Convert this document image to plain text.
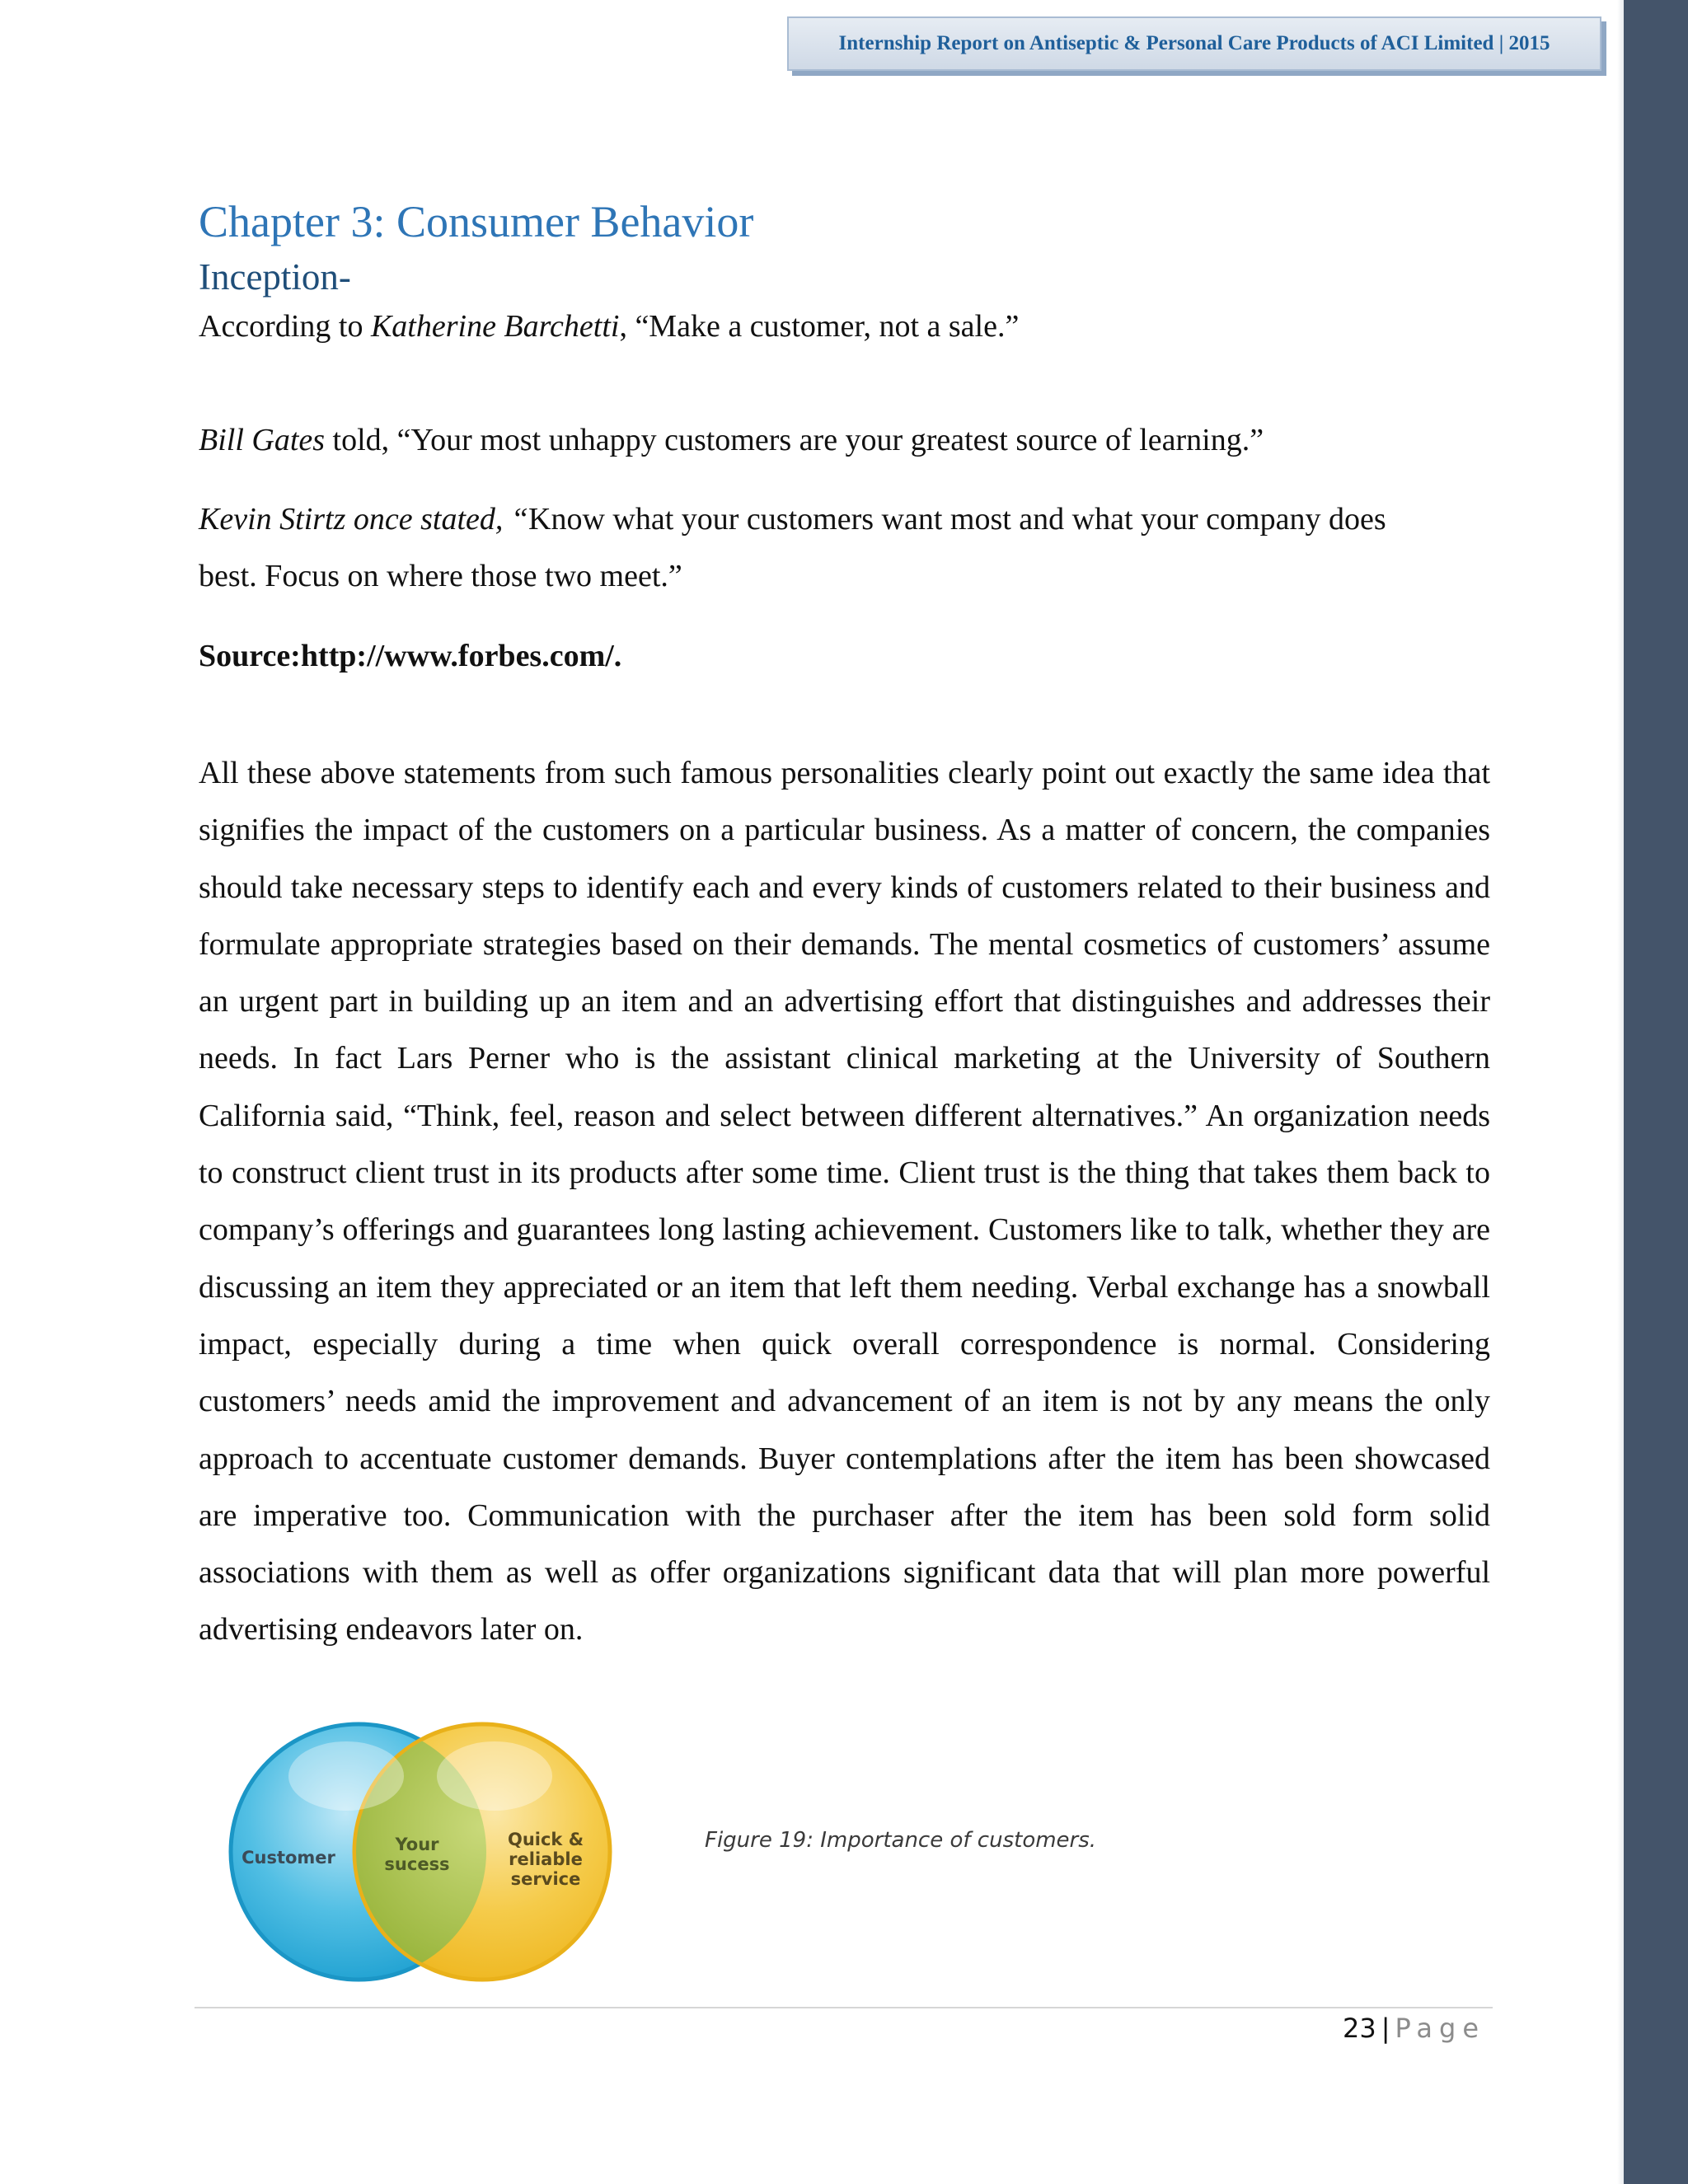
Internship Report on Antiseptic & Personal Care Products of ACI Limited | 2015
Chapter 3: Consumer Behavior
Inception-

According to Katherine Barchetti, “Make a customer, not a sale.”

Bill Gates told, “Your most unhappy customers are your greatest source of learning.”

Kevin Stirtz once stated, “Know what your customers want most and what your company does

best. Focus on where those two meet.”

Source:http://www.forbes.com/.

All these above statements from such famous personalities clearly point out exactly the same idea that signifies the impact of the customers on a particular business. As a matter of concern, the companies should take necessary steps to identify each and every kinds of customers related to their business and formulate appropriate strategies based on their demands. The mental cosmetics of customers’ assume an urgent part in building up an item and an advertising effort that distinguishes and addresses their needs. In fact Lars Perner who is the assistant clinical marketing at the University of Southern California said, “Think, feel, reason and select between different alternatives.” An organization needs to construct client trust in its products after some time. Client trust is the thing that takes them back to company’s offerings and guarantees long lasting achievement. Customers like to talk, whether they are discussing an item they appreciated or an item that left them needing. Verbal exchange has a snowball impact, especially during a time when quick overall correspondence is normal. Considering customers’ needs amid the improvement and advancement of an item is not by any means the only approach to accentuate customer demands. Buyer contemplations after the item has been showcased are imperative too. Communication with the purchaser after the item has been sold form solid associations with them as well as offer organizations significant data that will plan more powerful advertising endeavors later on.

Customer
Your
sucess
Quick &
reliable
service
Figure 19: Importance of customers.
23 | Page
